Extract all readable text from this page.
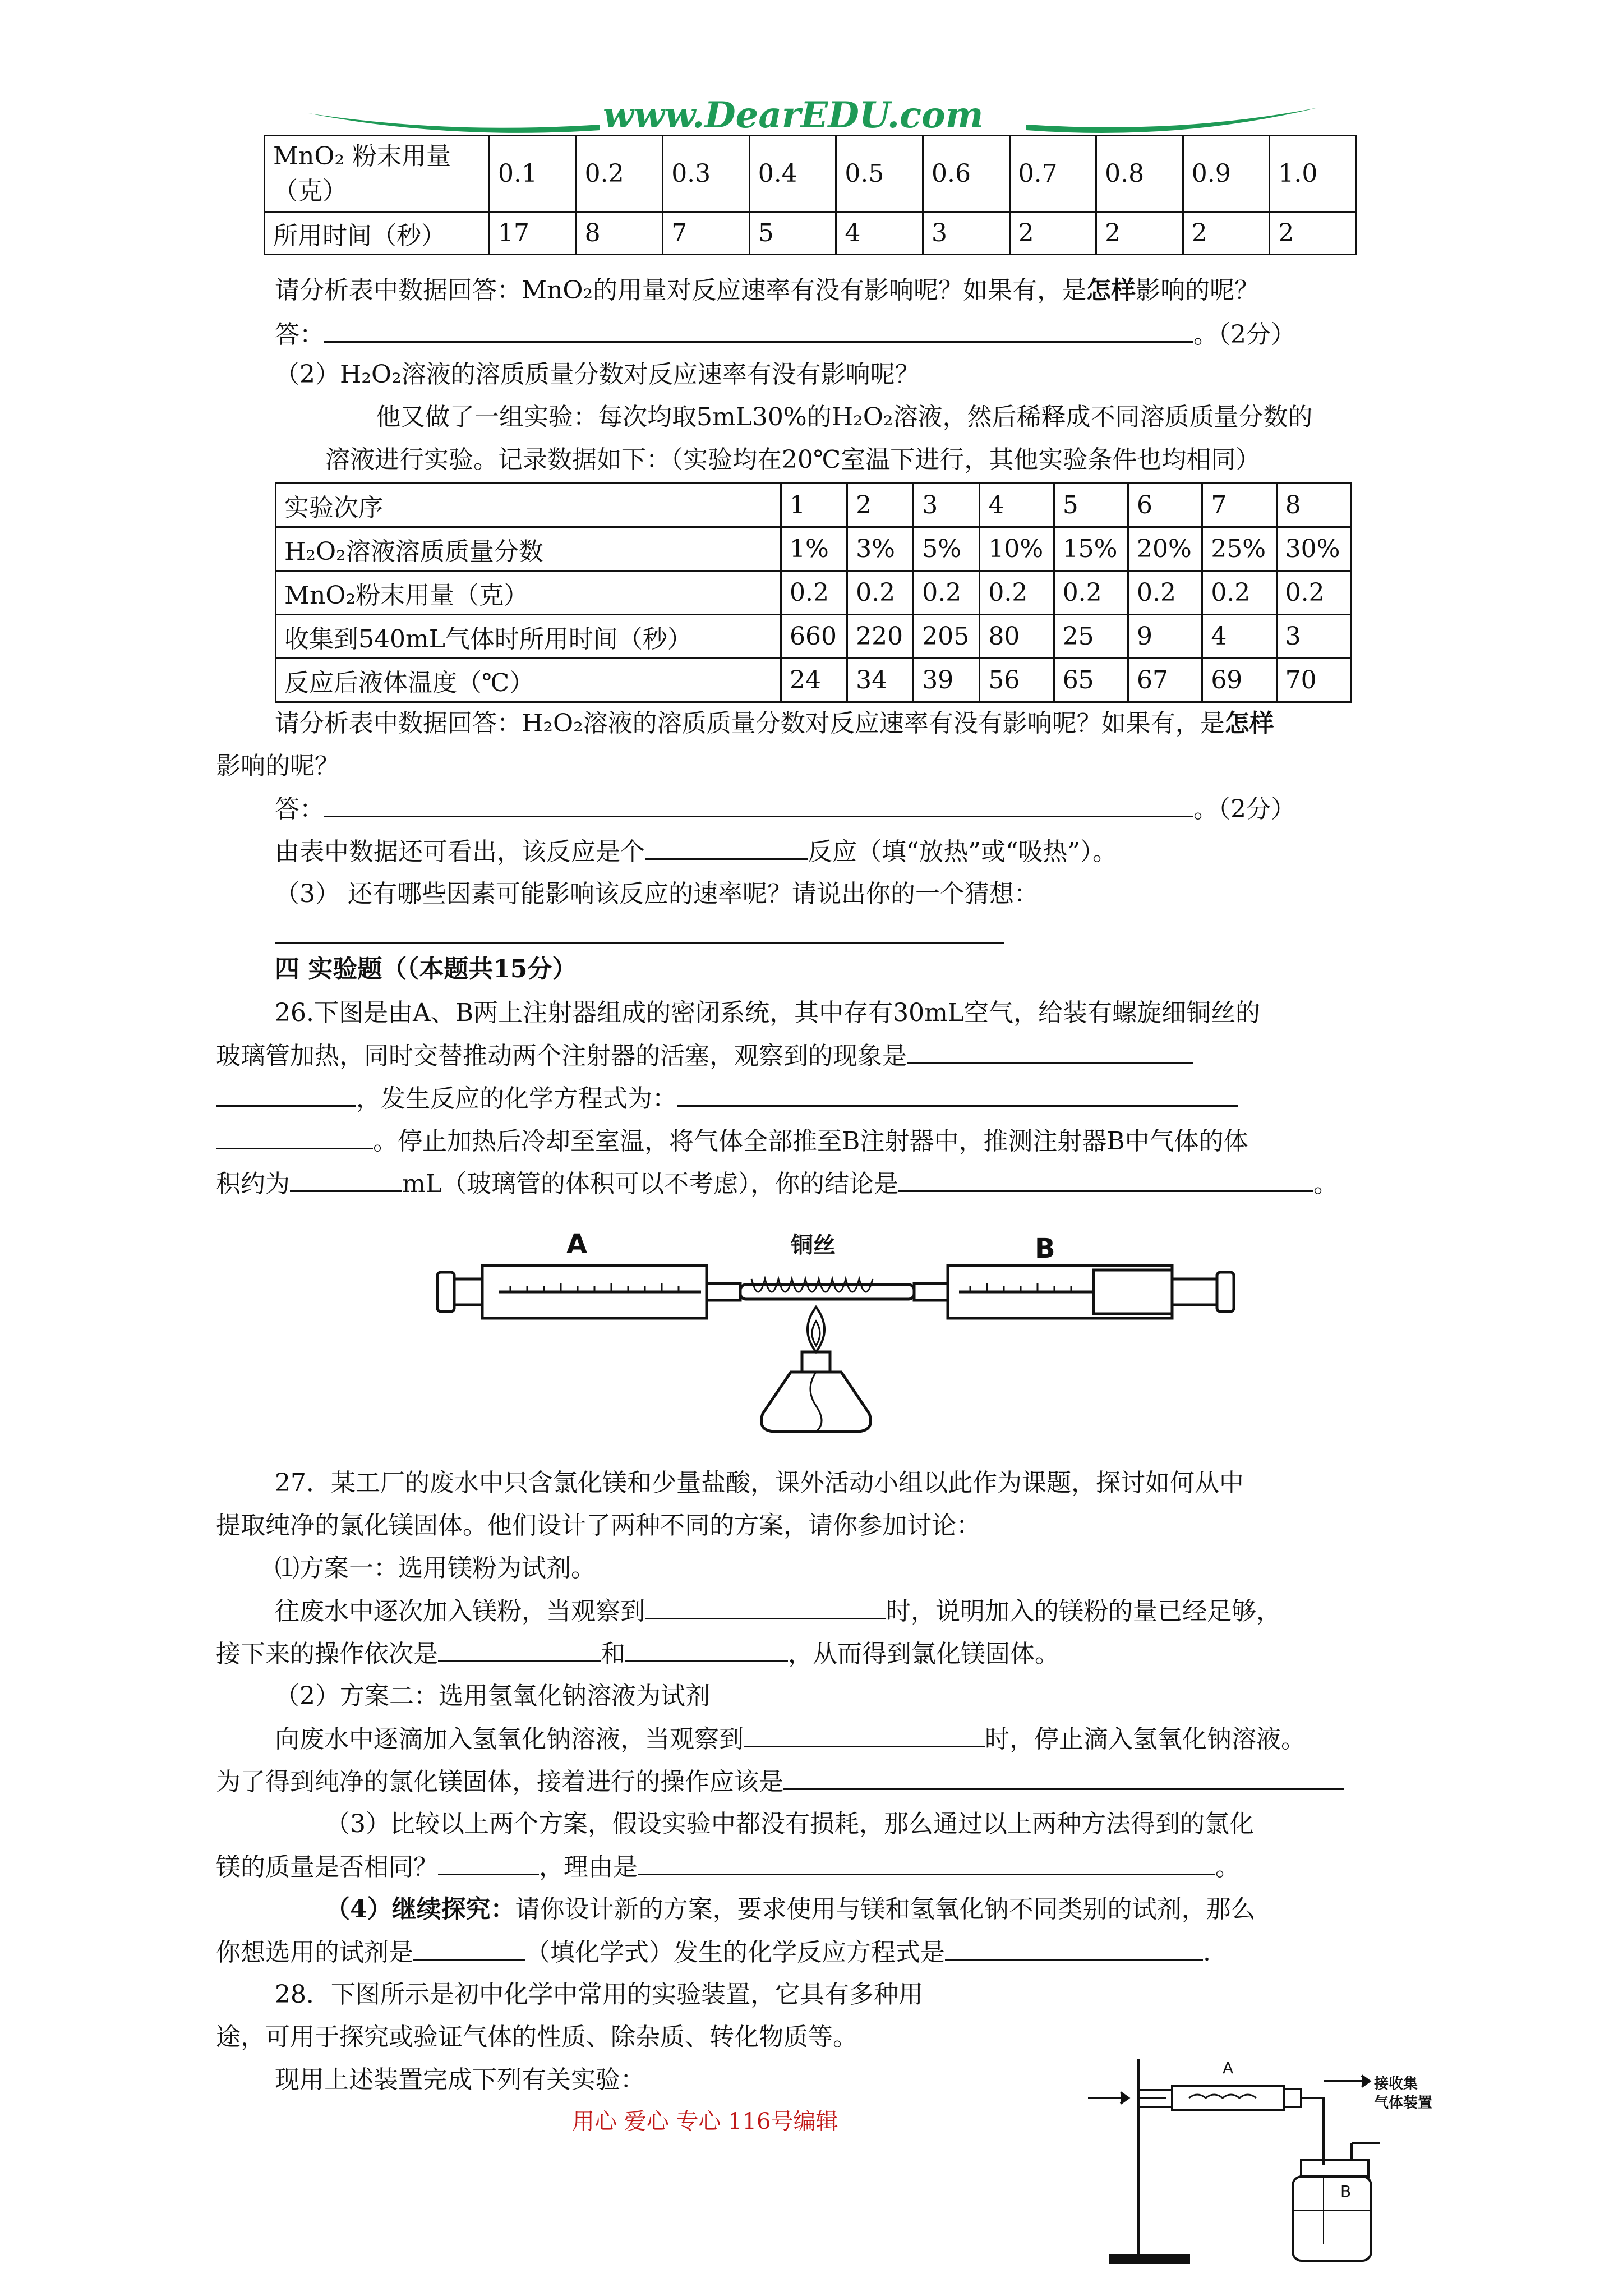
www.DearEDU.com
MnO₂ 粉末用量（克）	0.1	0.2	0.3	0.4	0.5	0.6	0.7	0.8	0.9	1.0
所用时间（秒）	17	8	7	5	4	3	2	2	2	2
请分析表中数据回答：MnO₂的用量对反应速率有没有影响呢？如果有，是怎样影响的呢？
答：	。（2分）
（2）H₂O₂溶液的溶质质量分数对反应速率有没有影响呢？
他又做了一组实验：每次均取5mL30%的H₂O₂溶液，然后稀释成不同溶质质量分数的
溶液进行实验。记录数据如下：（实验均在20℃室温下进行，其他实验条件也均相同）
实验次序	1	2	3	4	5	6	7	8
H₂O₂溶液溶质质量分数	1%	3%	5%	10%	15%	20%	25%	30%
MnO₂粉末用量（克）	0.2	0.2	0.2	0.2	0.2	0.2	0.2	0.2
收集到540mL气体时所用时间（秒）	660	220	205	80	25	9	4	3
反应后液体温度（℃）	24	34	39	56	65	67	69	70
请分析表中数据回答：H₂O₂溶液的溶质质量分数对反应速率有没有影响呢？如果有，是怎样
影响的呢？
答：	。（2分）
由表中数据还可看出，该反应是个	反应（填“放热”或“吸热”）。
（3） 还有哪些因素可能影响该反应的速率呢？请说出你的一个猜想：
四 实验题（（本题共15分）
26.下图是由A、B两上注射器组成的密闭系统，其中存有30mL空气，给装有螺旋细铜丝的
玻璃管加热，同时交替推动两个注射器的活塞，观察到的现象是
，发生反应的化学方程式为：
。停止加热后冷却至室温，将气体全部推至B注射器中，推测注射器B中气体的体
积约为	mL（玻璃管的体积可以不考虑），你的结论是	。
A	B
铜丝
27．某工厂的废水中只含氯化镁和少量盐酸，课外活动小组以此作为课题，探讨如何从中
提取纯净的氯化镁固体。他们设计了两种不同的方案，请你参加讨论：
⑴方案一：选用镁粉为试剂。
往废水中逐次加入镁粉，当观察到	时，说明加入的镁粉的量已经足够，
接下来的操作依次是	和	，从而得到氯化镁固体。
（2）方案二：选用氢氧化钠溶液为试剂
向废水中逐滴加入氢氧化钠溶液，当观察到	时，停止滴入氢氧化钠溶液。
为了得到纯净的氯化镁固体，接着进行的操作应该是
（3）比较以上两个方案，假设实验中都没有损耗，那么通过以上两种方法得到的氯化
镁的质量是否相同？	，理由是	。
（4）继续探究：请你设计新的方案，要求使用与镁和氢氧化钠不同类别的试剂，那么
你想选用的试剂是	（填化学式）发生的化学反应方程式是	.
28．下图所示是初中化学中常用的实验装置，它具有多种用
途，可用于探究或验证气体的性质、除杂质、转化物质等。
现用上述装置完成下列有关实验：	A
B
接收集
气体装置
用心 爱心 专心 116号编辑
